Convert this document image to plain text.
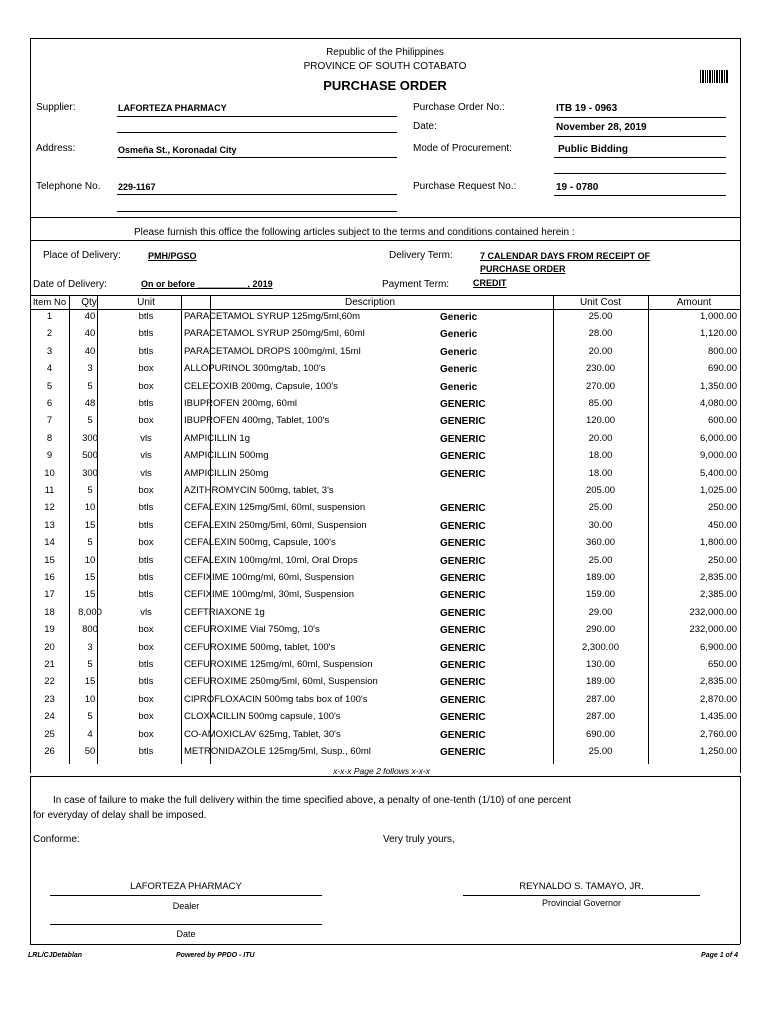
Republic of the Philippines
PROVINCE OF SOUTH COTABATO
PURCHASE ORDER
Supplier:	LAFORTEZA PHARMACY
Address:	Osmeña St., Koronadal City
Telephone No. 229-1167
Purchase Order No.:	ITB 19 - 0963
Date:	November 28, 2019
Mode of Procurement:	Public Bidding
Purchase Request No.:	19 - 0780
Please furnish this office the following articles subject to the terms and conditions contained herein :
Place of Delivery:	PMH/PGSO	Delivery Term:	7 CALENDAR DAYS FROM RECEIPT OF
PURCHASE ORDER
Date of Delivery:	On or before __________, 2019	Payment Term:	CREDIT
Item No	Qty.	Unit	Description	Unit Cost	Amount
1	40	btls	PARACETAMOL SYRUP 125mg/5ml,60m	Generic	25.00	1,000.00
2	40	btls	PARACETAMOL SYRUP 250mg/5ml, 60ml	Generic	28.00	1,120.00
3	40	btls	PARACETAMOL DROPS 100mg/ml, 15ml	Generic	20.00	800.00
4	3	box	ALLOPURINOL 300mg/tab, 100's	Generic	230.00	690.00
5	5	box	CELECOXIB 200mg, Capsule, 100's	Generic	270.00	1,350.00
6	48	btls	IBUPROFEN 200mg, 60ml	GENERIC	85.00	4,080.00
7	5	box	IBUPROFEN 400mg, Tablet, 100's	GENERIC	120.00	600.00
8	300	vls	AMPICILLIN 1g	GENERIC	20.00	6,000.00
9	500	vls	AMPICILLIN 500mg	GENERIC	18.00	9,000.00
10	300	vls	AMPICILLIN 250mg	GENERIC	18.00	5,400.00
11	5	box	AZITHROMYCIN 500mg, tablet, 3's	205.00	1,025.00
12	10	btls	CEFALEXIN 125mg/5ml, 60ml, suspension	GENERIC	25.00	250.00
13	15	btls	CEFALEXIN 250mg/5ml, 60ml, Suspension	GENERIC	30.00	450.00
14	5	box	CEFALEXIN 500mg, Capsule, 100's	GENERIC	360.00	1,800.00
15	10	btls	CEFALEXIN 100mg/ml, 10ml, Oral Drops	GENERIC	25.00	250.00
16	15	btls	CEFIXIME 100mg/ml, 60ml, Suspension	GENERIC	189.00	2,835.00
17	15	btls	CEFIXIME 100mg/ml, 30ml, Suspension	GENERIC	159.00	2,385.00
18	8,000	vls	CEFTRIAXONE 1g	GENERIC	29.00	232,000.00
19	800	box	CEFUROXIME Vial 750mg, 10's	GENERIC	290.00	232,000.00
20	3	box	CEFUROXIME 500mg, tablet, 100's	GENERIC	2,300.00	6,900.00
21	5	btls	CEFUROXIME 125mg/ml, 60ml, Suspension	GENERIC	130.00	650.00
22	15	btls	CEFUROXIME 250mg/5ml, 60ml, Suspension	GENERIC	189.00	2,835.00
23	10	box	CIPROFLOXACIN 500mg tabs box of 100's	GENERIC	287.00	2,870.00
24	5	box	CLOXACILLIN 500mg capsule, 100's	GENERIC	287.00	1,435.00
25	4	box	CO-AMOXICLAV 625mg, Tablet, 30's	GENERIC	690.00	2,760.00
26	50	btls	METRONIDAZOLE 125mg/5ml, Susp., 60ml	GENERIC	25.00	1,250.00
x-x-x Page 2 follows x-x-x
In case of failure to make the full delivery within the time specified above, a penalty of one-tenth (1/10) of one percent
for everyday of delay shall be imposed.
Conforme:	Very truly yours,
LAFORTEZA PHARMACY
Dealer
Date
REYNALDO S. TAMAYO, JR.
Provincial Governor
LRL/CJDetablan	Powered by PPDO - ITU	Page 1 of 4
